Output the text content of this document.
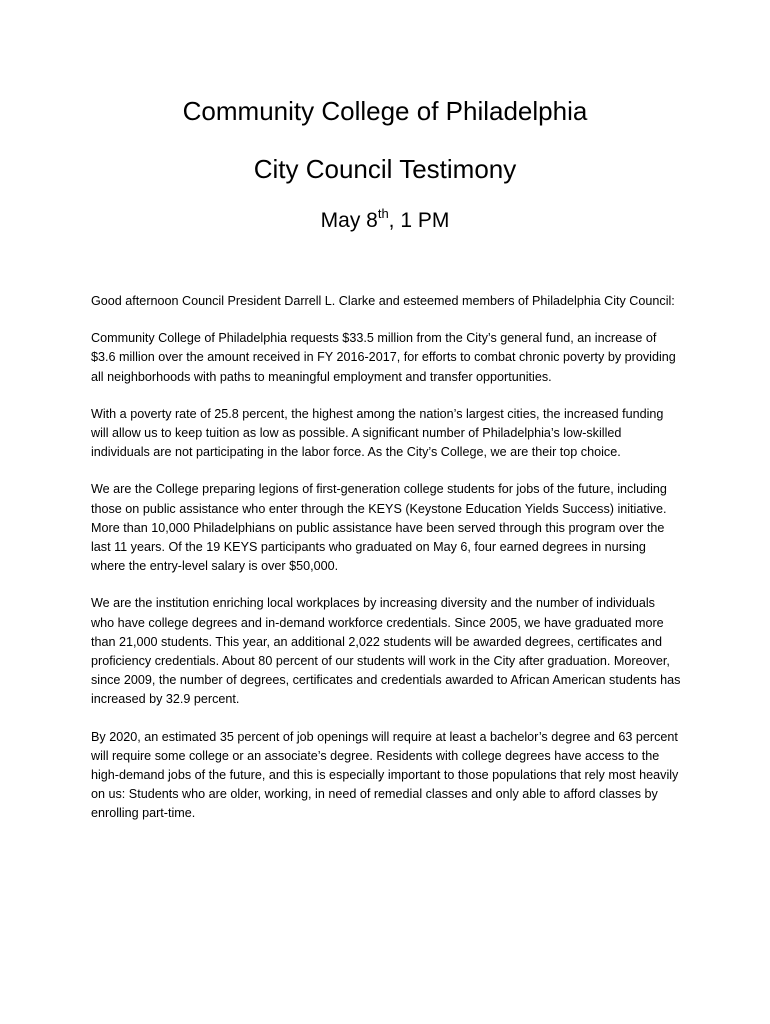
Community College of Philadelphia
City Council Testimony
May 8th, 1 PM

Good afternoon Council President Darrell L. Clarke and esteemed members of Philadelphia City Council:

Community College of Philadelphia requests $33.5 million from the City’s general fund, an increase of $3.6 million over the amount received in FY 2016-2017, for efforts to combat chronic poverty by providing all neighborhoods with paths to meaningful employment and transfer opportunities.

With a poverty rate of 25.8 percent, the highest among the nation’s largest cities, the increased funding will allow us to keep tuition as low as possible. A significant number of Philadelphia’s low-skilled individuals are not participating in the labor force. As the City’s College, we are their top choice.

We are the College preparing legions of first-generation college students for jobs of the future, including those on public assistance who enter through the KEYS (Keystone Education Yields Success) initiative. More than 10,000 Philadelphians on public assistance have been served through this program over the last 11 years. Of the 19 KEYS participants who graduated on May 6, four earned degrees in nursing where the entry-level salary is over $50,000.

We are the institution enriching local workplaces by increasing diversity and the number of individuals who have college degrees and in-demand workforce credentials. Since 2005, we have graduated more than 21,000 students. This year, an additional 2,022 students will be awarded degrees, certificates and proficiency credentials. About 80 percent of our students will work in the City after graduation. Moreover, since 2009, the number of degrees, certificates and credentials awarded to African American students has increased by 32.9 percent.

By 2020, an estimated 35 percent of job openings will require at least a bachelor’s degree and 63 percent will require some college or an associate’s degree. Residents with college degrees have access to the high-demand jobs of the future, and this is especially important to those populations that rely most heavily on us: Students who are older, working, in need of remedial classes and only able to afford classes by enrolling part-time.
